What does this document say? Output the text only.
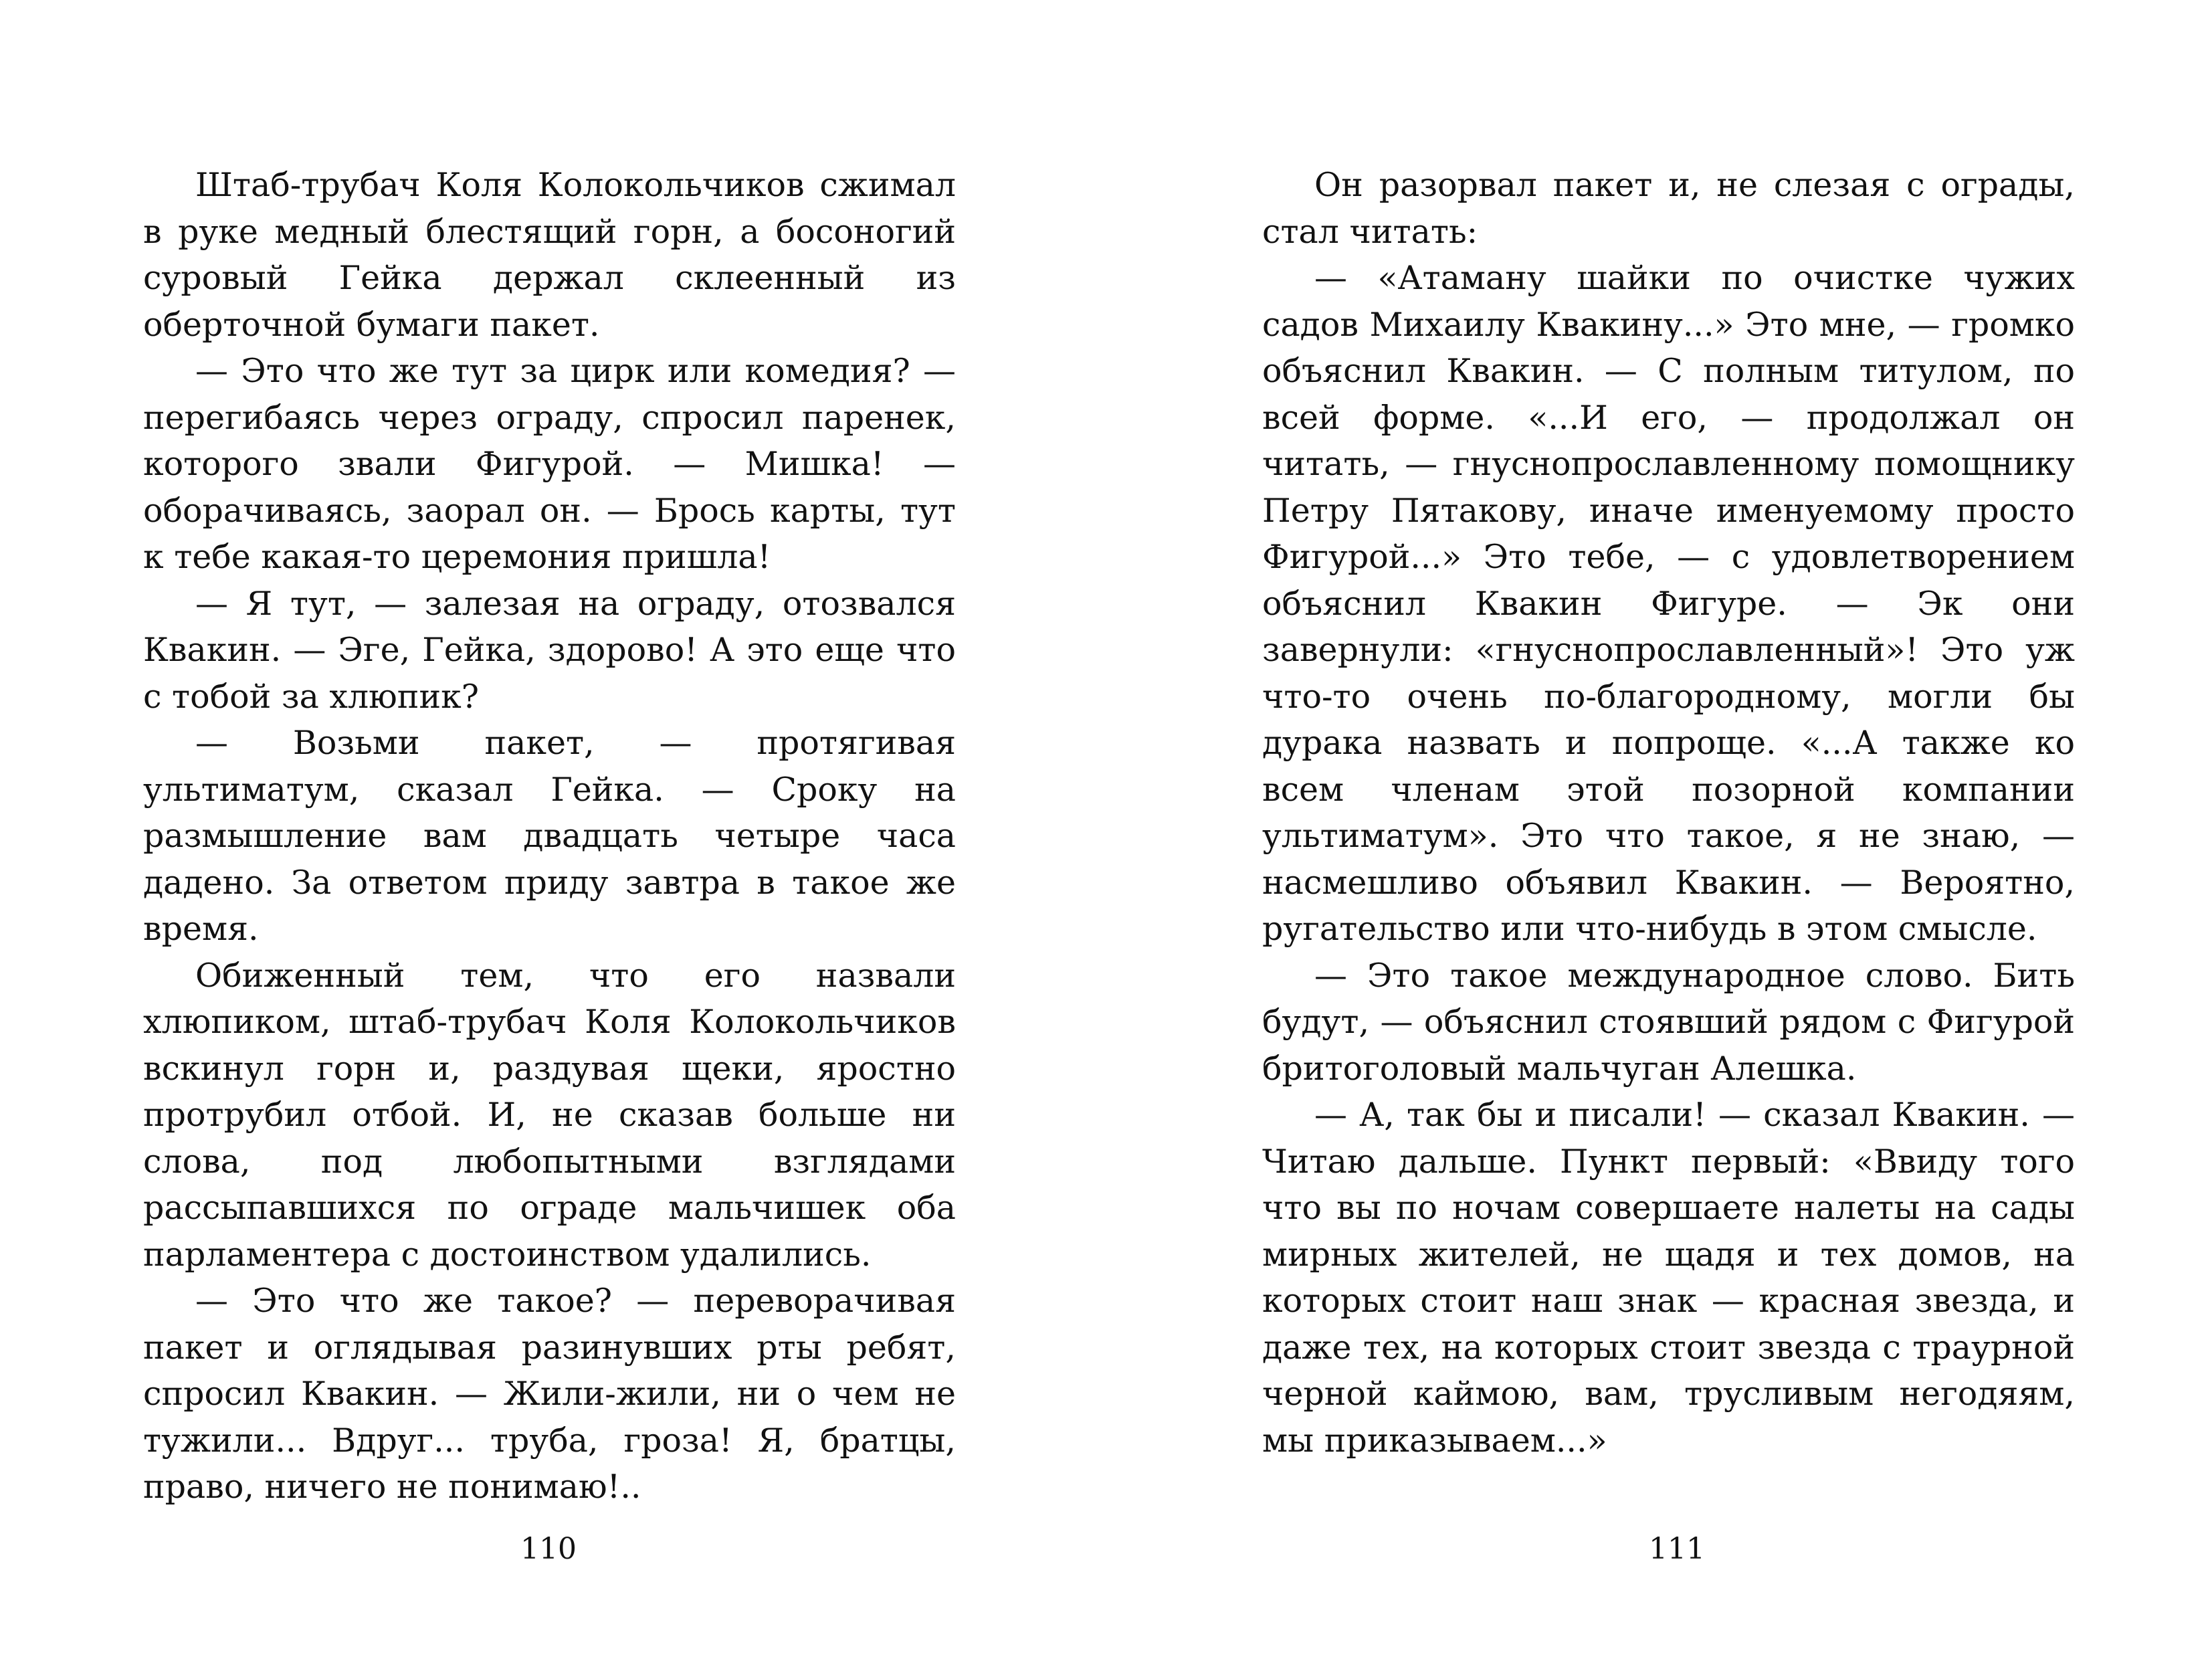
Штаб-трубач Коля Колокольчиков сжимал в руке медный блестящий горн, а босоногий суровый Гейка держал склеенный из оберточной бумаги пакет.

— Это что же тут за цирк или комедия? — перегибаясь через ограду, спросил паренек, которого звали Фигурой. — Мишка! — оборачиваясь, заорал он. — Брось карты, тут к тебе какая-то церемония пришла!

— Я тут, — залезая на ограду, отозвался Квакин. — Эге, Гейка, здорово! А это еще что с тобой за хлюпик?

— Возьми пакет, — протягивая ультиматум, сказал Гейка. — Сроку на размышление вам двадцать четыре часа дадено. За ответом приду завтра в такое же время.

Обиженный тем, что его назвали хлюпиком, штаб-трубач Коля Колокольчиков вскинул горн и, раздувая щеки, яростно протрубил отбой. И, не сказав больше ни слова, под любопытными взглядами рассыпавшихся по ограде мальчишек оба парламентера с достоинством удалились.

— Это что же такое? — переворачивая пакет и оглядывая разинувших рты ребят, спросил Квакин. — Жили-жили, ни о чем не тужили... Вдруг... труба, гроза! Я, братцы, право, ничего не понимаю!..

110

Он разорвал пакет и, не слезая с ограды, стал читать:

— «Атаману шайки по очистке чужих садов Михаилу Квакину...» Это мне, — громко объяснил Квакин. — С полным титулом, по всей форме. «...И его, — продолжал он читать, — гнуснопрославленному помощнику Петру Пятакову, иначе именуемому просто Фигурой...» Это тебе, — с удовлетворением объяснил Квакин Фигуре. — Эк они завернули: «гнуснопрославленный»! Это уж что-то очень по-благородному, могли бы дурака назвать и попроще. «...А также ко всем членам этой позорной компании ультиматум». Это что такое, я не знаю, — насмешливо объявил Квакин. — Вероятно, ругательство или что-нибудь в этом смысле.

— Это такое международное слово. Бить будут, — объяснил стоявший рядом с Фигурой бритоголовый мальчуган Алешка.

— А, так бы и писали! — сказал Квакин. — Читаю дальше. Пункт первый: «Ввиду того что вы по ночам совершаете налеты на сады мирных жителей, не щадя и тех домов, на которых стоит наш знак — красная звезда, и даже тех, на которых стоит звезда с траурной черной каймою, вам, трусливым негодяям, мы приказываем...»

111
